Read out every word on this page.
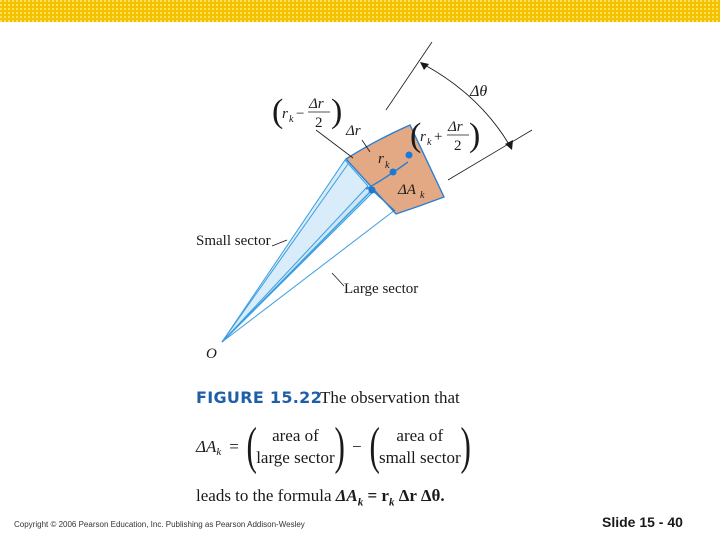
Δθ
(
r k −
Δr
2 )
(
r k +
Δr
2 )
Δr
r k
ΔA k
Small sector
Large sector
O
FIGURE 15.22
The observation that
ΔA k = ( area of
large sector ) − ( area of
small sector )
leads to the formula $\Delta A_k = r_k$ Δr Δθ.
Copyright © 2006 Pearson Education, Inc. Publishing as Pearson Addison-Wesley	Slide 15 - 40
